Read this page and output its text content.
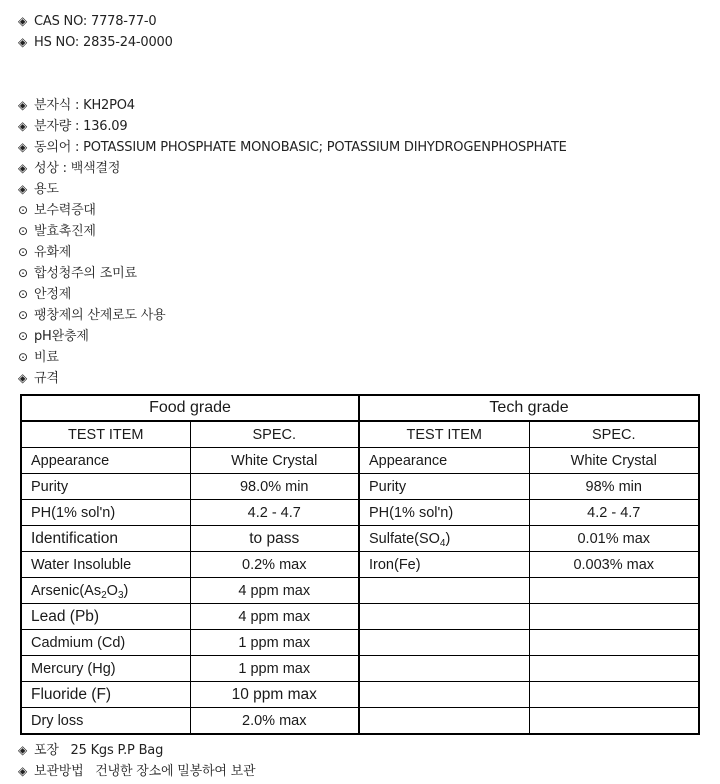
◈ CAS NO: 7778-77-0
◈ HS NO: 2835-24-0000
◈ 분자식 : KH2PO4
◈ 분자량 : 136.09
◈ 동의어 : POTASSIUM PHOSPHATE MONOBASIC; POTASSIUM DIHYDROGENPHOSPHATE
◈ 성상 : 백색결정
◈ 용도
⊙ 보수력증대
⊙ 발효촉진제
⊙ 유화제
⊙ 합성청주의 조미료
⊙ 안정제
⊙ 팽창제의 산제로도 사용
⊙ pH완충제
⊙ 비료
◈ 규격
Food grade		Tech grade	
TEST ITEM	SPEC.	TEST ITEM	SPEC.
Appearance	White Crystal	Appearance	White Crystal
Purity	98.0% min	Purity	98% min
PH(1% sol'n)	4.2 - 4.7	PH(1% sol'n)	4.2 - 4.7
Identification	to pass	$Sulfate(SO_4)$	0.01% max
Water Insoluble	0.2% max	Iron(Fe)	0.003% max
$Arsenic(As_2O_3)$	4 ppm max		
Lead (Pb)	4 ppm max		
Cadmium (Cd)	1 ppm max		
Mercury (Hg)	1 ppm max		
Fluoride (F)	10 ppm max		
Dry loss	2.0% max		
◈ 포장   25 Kgs P.P Bag
◈ 보관방법   건냉한 장소에 밀봉하여 보관
